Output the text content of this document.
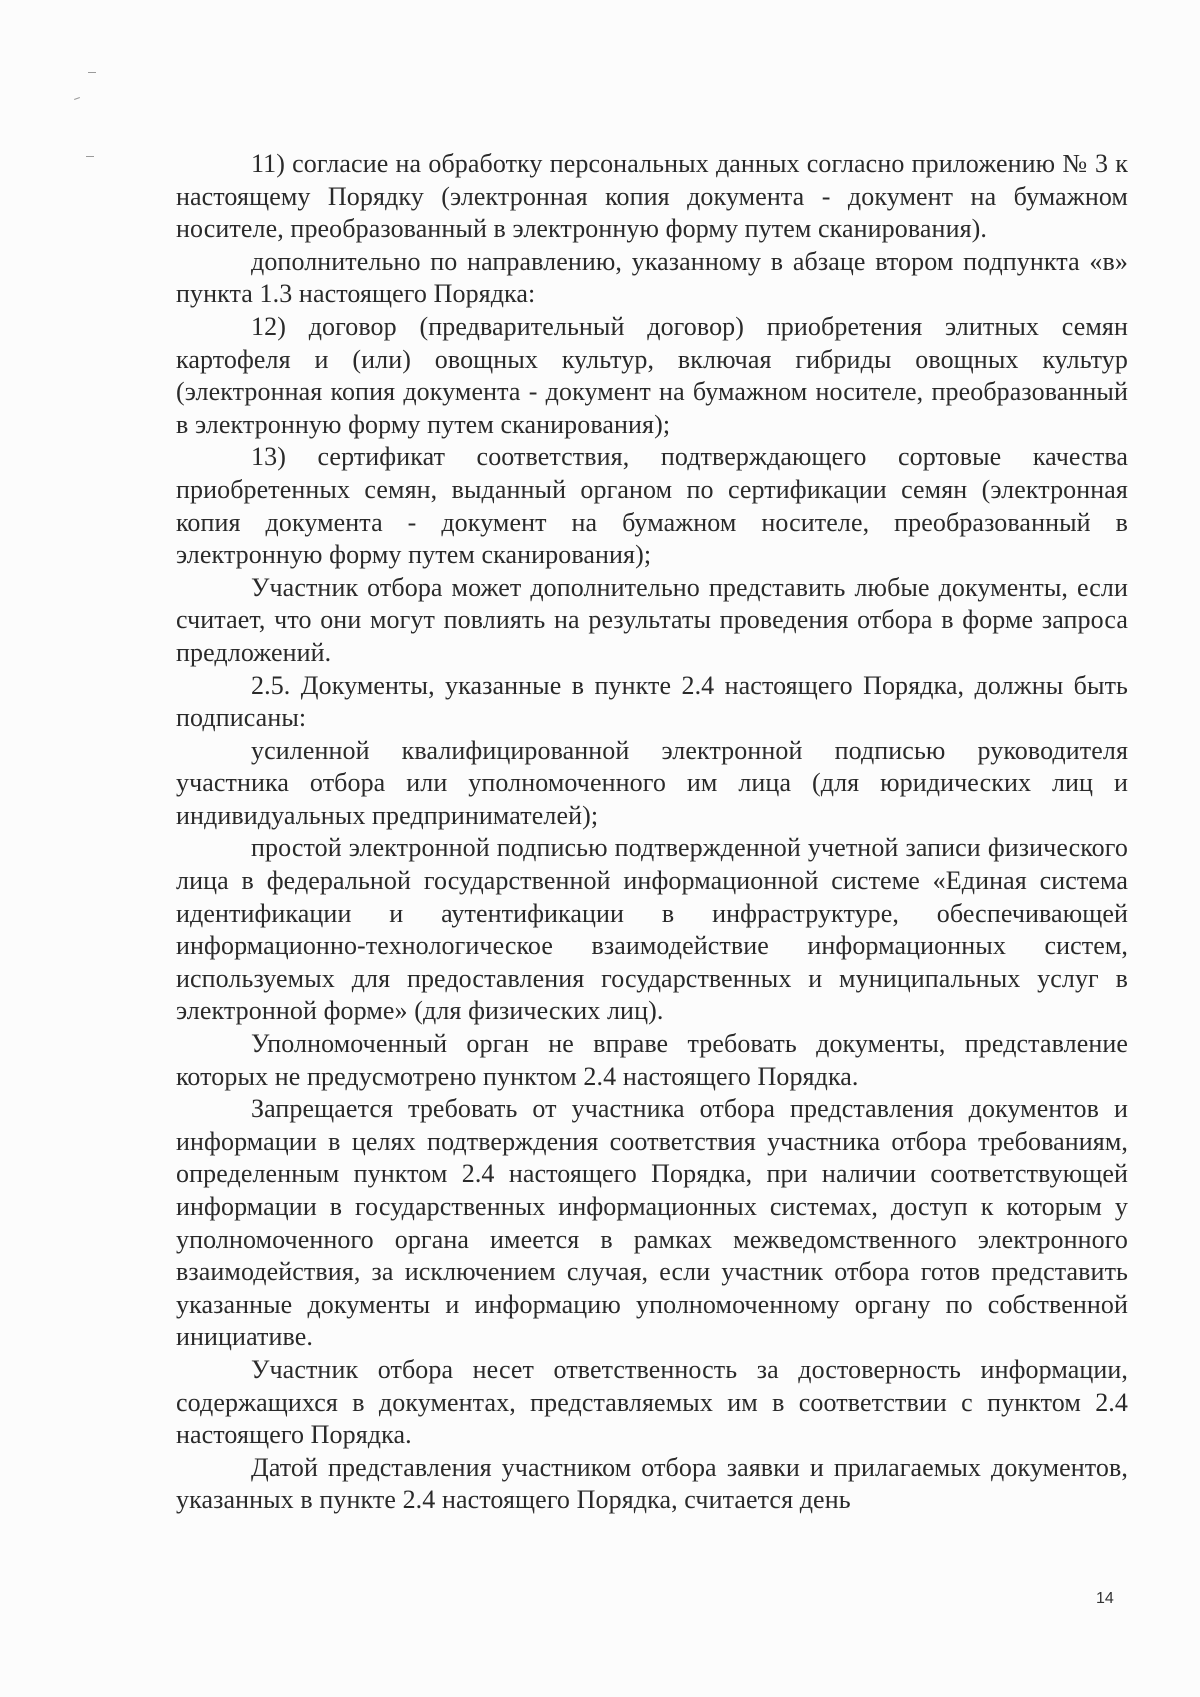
11) согласие на обработку персональных данных согласно приложению № 3 к настоящему Порядку (электронная копия документа - документ на бумажном носителе, преобразованный в электронную форму путем сканирования).

дополнительно по направлению, указанному в абзаце втором подпункта «в» пункта 1.3 настоящего Порядка:

12) договор (предварительный договор) приобретения элитных семян картофеля и (или) овощных культур, включая гибриды овощных культур (электронная копия документа - документ на бумажном носителе, преобразованный в электронную форму путем сканирования);

13) сертификат соответствия, подтверждающего сортовые качества приобретенных семян, выданный органом по сертификации семян (электронная копия документа - документ на бумажном носителе, преобразованный в электронную форму путем сканирования);

Участник отбора может дополнительно представить любые документы, если считает, что они могут повлиять на результаты проведения отбора в форме запроса предложений.

2.5. Документы, указанные в пункте 2.4 настоящего Порядка, должны быть подписаны:

усиленной квалифицированной электронной подписью руководителя участника отбора или уполномоченного им лица (для юридических лиц и индивидуальных предпринимателей);

простой электронной подписью подтвержденной учетной записи физического лица в федеральной государственной информационной системе «Единая система идентификации и аутентификации в инфраструктуре, обеспечивающей информационно-технологическое взаимодействие информационных систем, используемых для предоставления государственных и муниципальных услуг в электронной форме» (для физических лиц).

Уполномоченный орган не вправе требовать документы, представление которых не предусмотрено пунктом 2.4 настоящего Порядка.

Запрещается требовать от участника отбора представления документов и информации в целях подтверждения соответствия участника отбора требованиям, определенным пунктом 2.4 настоящего Порядка, при наличии соответствующей информации в государственных информационных системах, доступ к которым у уполномоченного органа имеется в рамках межведомственного электронного взаимодействия, за исключением случая, если участник отбора готов представить указанные документы и информацию уполномоченному органу по собственной инициативе.

Участник отбора несет ответственность за достоверность информации, содержащихся в документах, представляемых им в соответствии с пунктом 2.4 настоящего Порядка.

Датой представления участником отбора заявки и прилагаемых документов, указанных в пункте 2.4 настоящего Порядка, считается день

14
